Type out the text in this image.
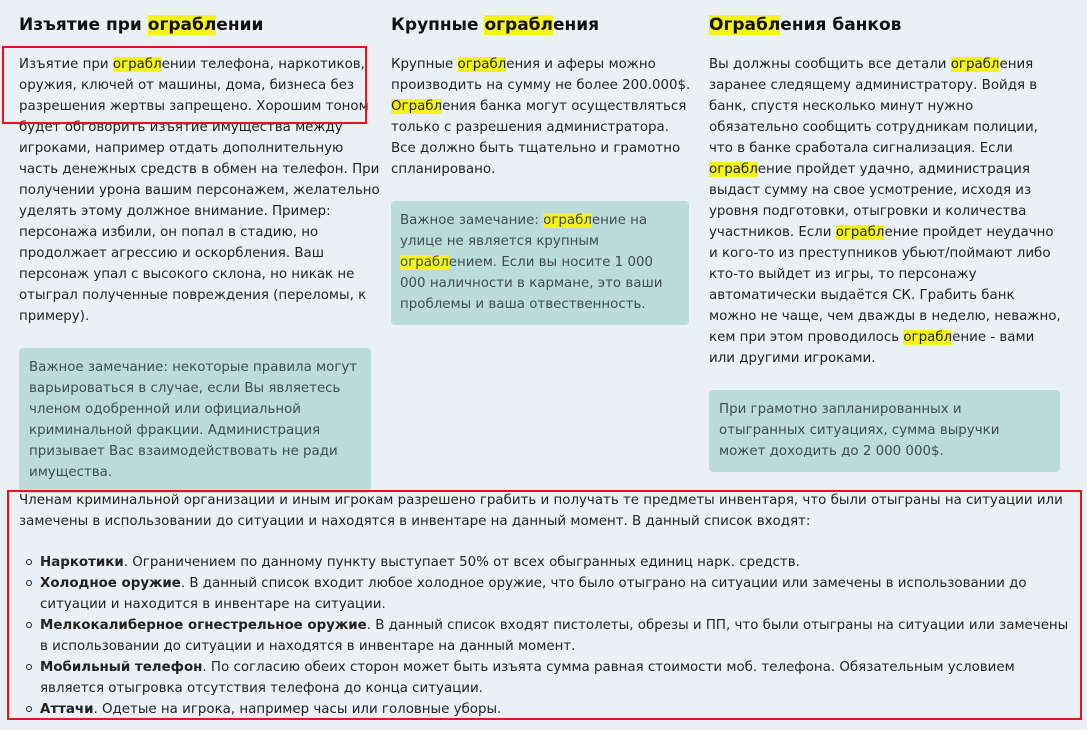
Изъятие при ограблении

Изъятие при ограблении телефона, наркотиков, оружия, ключей от машины, дома, бизнеса без разрешения жертвы запрещено. Хорошим тоном будет обговорить изъятие имущества между игроками, например отдать дополнительную часть денежных средств в обмен на телефон. При получении урона вашим персонажем, желательно уделять этому должное внимание. Пример: персонажа избили, он попал в стадию, но продолжает агрессию и оскорбления. Ваш персонаж упал с высокого склона, но никак не отыграл полученные повреждения (переломы, к примеру).

Важное замечание: некоторые правила могут варьироваться в случае, если Вы являетесь членом одобренной или официальной криминальной фракции. Администрация призывает Вас взаимодействовать не ради имущества.
Крупные ограбления

Крупные ограбления и аферы можно производить на сумму не более 200.000$. Ограбления банка могут осуществляться только с разрешения администратора. Все должно быть тщательно и грамотно спланировано.

Важное замечание: ограбление на улице не является крупным ограблением. Если вы носите 1 000 000 наличности в кармане, это ваши проблемы и ваша отвественность.
Ограбления банков

Вы должны сообщить все детали ограбления заранее следящему администратору. Войдя в банк, спустя несколько минут нужно обязательно сообщить сотрудникам полиции, что в банке сработала сигнализация. Если ограбление пройдет удачно, администрация выдаст сумму на свое усмотрение, исходя из уровня подготовки, отыгровки и количества участников. Если ограбление пройдет неудачно и кого-то из преступников убьют/поймают либо кто-то выйдет из игры, то персонажу автоматически выдаётся СК. Грабить банк можно не чаще, чем дважды в неделю, неважно, кем при этом проводилось ограбление - вами или другими игроками.

При грамотно запланированных и отыгранных ситуациях, сумма выручки может доходить до 2 000 000$.

Членам криминальной организации и иным игрокам разрешено грабить и получать те предметы инвентаря, что были отыграны на ситуации или замечены в использовании до ситуации и находятся в инвентаре на данный момент. В данный список входят:

Наркотики. Ограничением по данному пункту выступает 50% от всех обыгранных единиц нарк. средств.
Холодное оружие. В данный список входит любое холодное оружие, что было отыграно на ситуации или замечены в использовании до ситуации и находится в инвентаре на ситуации.
Мелкокалиберное огнестрельное оружие. В данный список входят пистолеты, обрезы и ПП, что были отыграны на ситуации или замечены в использовании до ситуации и находятся в инвентаре на данный момент.
Мобильный телефон. По согласию обеих сторон может быть изъята сумма равная стоимости моб. телефона. Обязательным условием является отыгровка отсутствия телефона до конца ситуации.
Аттачи. Одетые на игрока, например часы или головные уборы.
